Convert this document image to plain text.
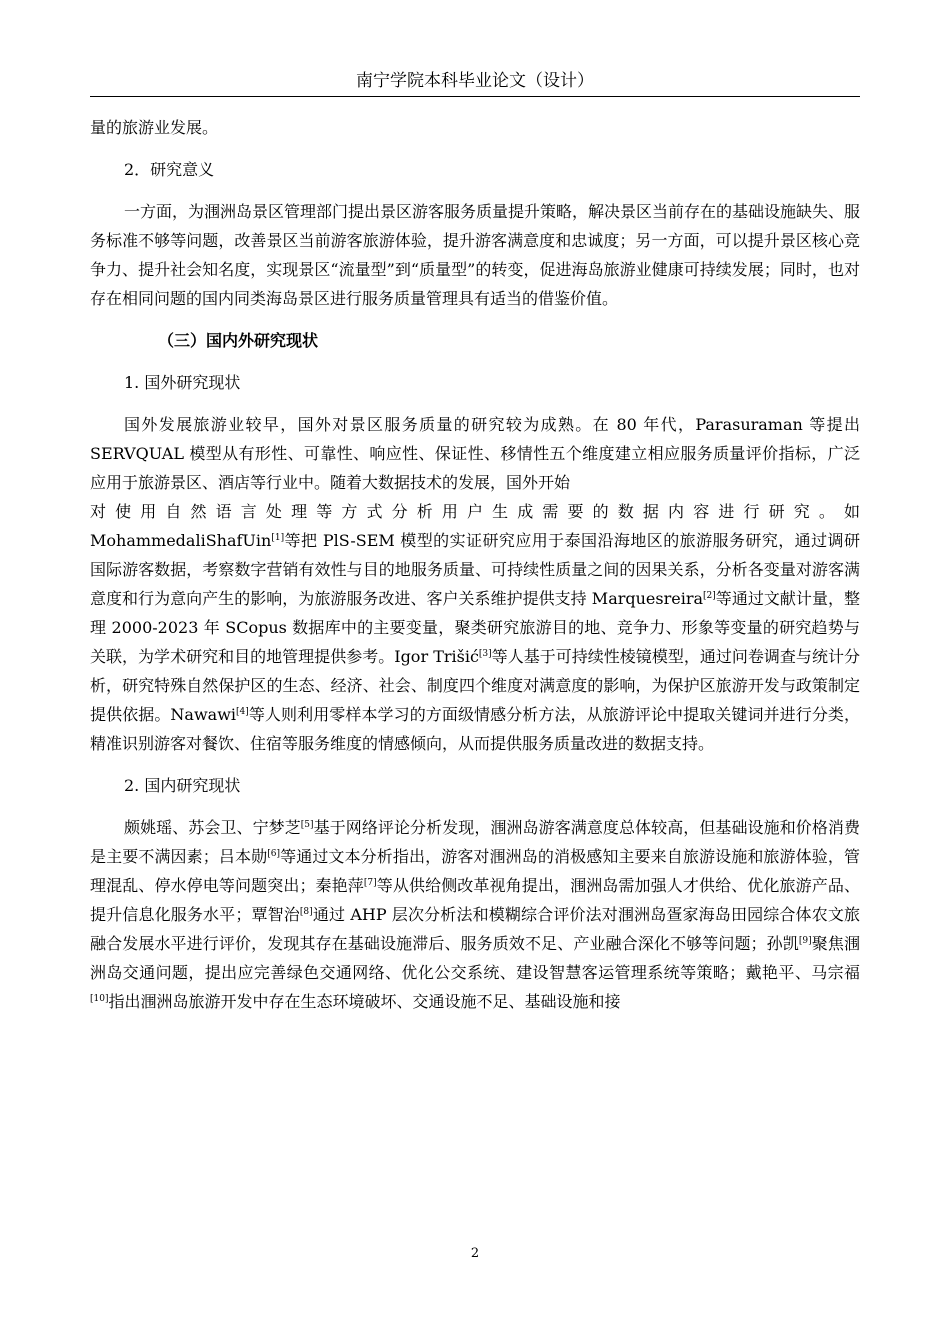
南宁学院本科毕业论文（设计）

量的旅游业发展。

2．研究意义

一方面，为涠洲岛景区管理部门提出景区游客服务质量提升策略，解决景区当前存在的基础设施缺失、服务标准不够等问题，改善景区当前游客旅游体验，提升游客满意度和忠诚度；另一方面，可以提升景区核心竞争力、提升社会知名度，实现景区“流量型”到“质量型”的转变，促进海岛旅游业健康可持续发展；同时，也对存在相同问题的国内同类海岛景区进行服务质量管理具有适当的借鉴价值。

（三）国内外研究现状

1. 国外研究现状

国外发展旅游业较早，国外对景区服务质量的研究较为成熟。在 80 年代，Parasuraman 等提出 SERVQUAL 模型从有形性、可靠性、响应性、保证性、移情性五个维度建立相应服务质量评价指标，广泛应用于旅游景区、酒店等行业中。随着大数据技术的发展，国外开始

对使用自然语言处理等方式分析用户生成需要的数据内容进行研究。如

MohammedaliShafUin[1]等把 PlS-SEM 模型的实证研究应用于泰国沿海地区的旅游服务研究，通过调研国际游客数据，考察数字营销有效性与目的地服务质量、可持续性质量之间的因果关系，分析各变量对游客满意度和行为意向产生的影响，为旅游服务改进、客户关系维护提供支持 Marquesreira[2]等通过文献计量，整理 2000-2023 年 SCopus 数据库中的主要变量，聚类研究旅游目的地、竞争力、形象等变量的研究趋势与关联，为学术研究和目的地管理提供参考。Igor Trišić[3]等人基于可持续性棱镜模型，通过问卷调查与统计分析，研究特殊自然保护区的生态、经济、社会、制度四个维度对满意度的影响，为保护区旅游开发与政策制定提供依据。Nawawi[4]等人则利用零样本学习的方面级情感分析方法，从旅游评论中提取关键词并进行分类，精准识别游客对餐饮、住宿等服务维度的情感倾向，从而提供服务质量改进的数据支持。

2. 国内研究现状

颇姚瑶、苏会卫、宁梦芝[5]基于网络评论分析发现，涠洲岛游客满意度总体较高，但基础设施和价格消费是主要不满因素；吕本勋[6]等通过文本分析指出，游客对涠洲岛的消极感知主要来自旅游设施和旅游体验，管理混乱、停水停电等问题突出；秦艳萍[7]等从供给侧改革视角提出，涠洲岛需加强人才供给、优化旅游产品、提升信息化服务水平；覃智治[8]通过 AHP 层次分析法和模糊综合评价法对涠洲岛疍家海岛田园综合体农文旅融合发展水平进行评价，发现其存在基础设施滞后、服务质效不足、产业融合深化不够等问题；孙凯[9]聚焦涠洲岛交通问题，提出应完善绿色交通网络、优化公交系统、建设智慧客运管理系统等策略；戴艳平、马宗福[10]指出涠洲岛旅游开发中存在生态环境破坏、交通设施不足、基础设施和接

2
